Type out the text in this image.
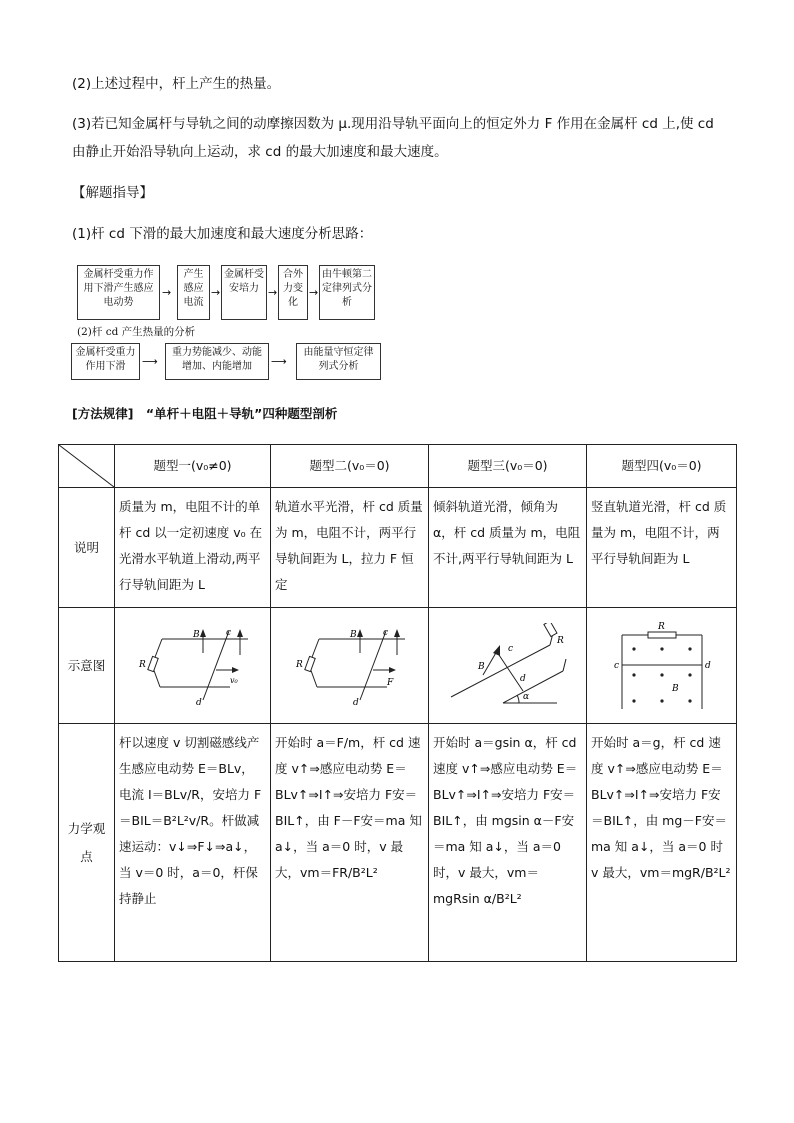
(2)上述过程中，杆上产生的热量。
(3)若已知金属杆与导轨之间的动摩擦因数为 μ.现用沿导轨平面向上的恒定外力 F 作用在金属杆 cd 上,使 cd
由静止开始沿导轨向上运动，求 cd 的最大加速度和最大速度。
【解题指导】
(1)杆 cd 下滑的最大加速度和最大速度分析思路：
金属杆受重力作用下滑产生感应电动势
→
产生感应电流
→
金属杆受安培力 →
合外力变化
→
由牛顿第二定律列式分析
(2)杆 cd 产生热量的分析
金属杆受重力作用下滑	⟶
重力势能减少、动能增加、内能增加	⟶
由能量守恒定律列式分析
[方法规律]　“单杆＋电阻＋导轨”四种题型剖析
	题型一(v₀≠0)	题型二(v₀＝0)	题型三(v₀＝0)	题型四(v₀＝0)
说明	质量为 m，电阻不计的单杆 cd 以一定初速度 v₀ 在光滑水平轨道上滑动,两平行导轨间距为 L	轨道水平光滑，杆 cd 质量为 m，电阻不计，两平行导轨间距为 L，拉力 F 恒定	倾斜轨道光滑，倾角为 α，杆 cd 质量为 m，电阻不计,两平行导轨间距为 L	竖直轨道光滑，杆 cd 质量为 m，电阻不计，两平行导轨间距为 L
示意图	R
B c
d
v₀	R
B c
d
F	B
c
d
R
α	R
c d
B

力学观点	杆以速度 v 切割磁感线产生感应电动势 E＝BLv，电流 I＝BLv/R，安培力 F＝BIL＝B²L²v/R。杆做减速运动：v↓⇒F↓⇒a↓，当 v＝0 时，a＝0，杆保持静止	开始时 a＝F/m，杆 cd 速度 v↑⇒感应电动势 E＝BLv↑⇒I↑⇒安培力 F安＝BIL↑，由 F－F安＝ma 知 a↓，当 a＝0 时，v 最大，vm＝FR/B²L²	开始时 a＝gsin α，杆 cd 速度 v↑⇒感应电动势 E＝BLv↑⇒I↑⇒安培力 F安＝BIL↑，由 mgsin α－F安＝ma 知 a↓，当 a＝0 时，v 最大，vm＝mgRsin α/B²L²	开始时 a＝g，杆 cd 速度 v↑⇒感应电动势 E＝BLv↑⇒I↑⇒安培力 F安＝BIL↑，由 mg－F安＝ma 知 a↓，当 a＝0 时 v 最大，vm＝mgR/B²L²
